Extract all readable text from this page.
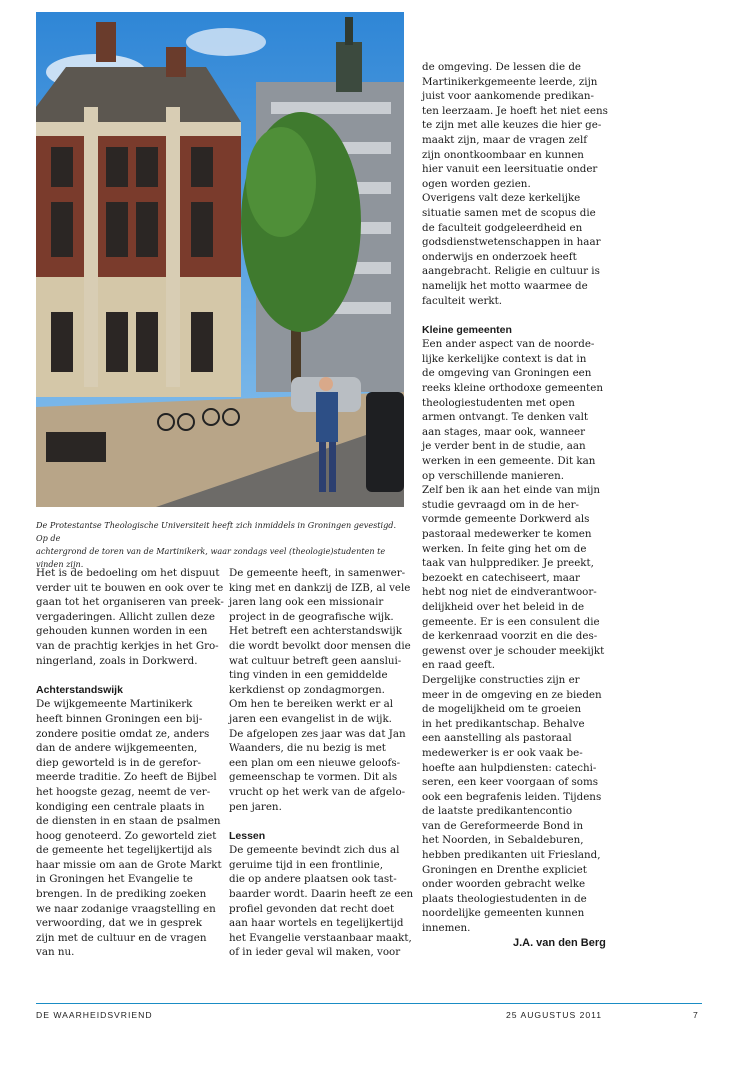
De Protestantse Theologische Universiteit heeft zich inmiddels in Groningen gevestigd. Op de
achtergrond de toren van de Martinikerk, waar zondags veel (theologie)studenten te vinden zijn.
Het is de bedoeling om het dispuut
verder uit te bouwen en ook over te
gaan tot het organiseren van preek-
vergaderingen. Allicht zullen deze
gehouden kunnen worden in een
van de prachtig kerkjes in het Gro-
ningerland, zoals in Dorkwerd.
Achterstandswijk
De wijkgemeente Martinikerk
heeft binnen Groningen een bij-
zondere positie omdat ze, anders
dan de andere wijkgemeenten,
diep geworteld is in de gerefor-
meerde traditie. Zo heeft de Bijbel
het hoogste gezag, neemt de ver-
kondiging een centrale plaats in
de diensten in en staan de psalmen
hoog genoteerd. Zo geworteld ziet
de gemeente het tegelijkertijd als
haar missie om aan de Grote Markt
in Groningen het Evangelie te
brengen. In de prediking zoeken
we naar zodanige vraagstelling en
verwoording, dat we in gesprek
zijn met de cultuur en de vragen
van nu.
De gemeente heeft, in samenwer-
king met en dankzij de IZB, al vele
jaren lang ook een missionair
project in de geografische wijk.
Het betreft een achterstandswijk
die wordt bevolkt door mensen die
wat cultuur betreft geen aanslui-
ting vinden in een gemiddelde
kerkdienst op zondagmorgen.
Om hen te bereiken werkt er al
jaren een evangelist in de wijk.
De afgelopen zes jaar was dat Jan
Waanders, die nu bezig is met
een plan om een nieuwe geloofs-
gemeenschap te vormen. Dit als
vrucht op het werk van de afgelo-
pen jaren.
Lessen
De gemeente bevindt zich dus al
geruime tijd in een frontlinie,
die op andere plaatsen ook tast-
baarder wordt. Daarin heeft ze een
profiel gevonden dat recht doet
aan haar wortels en tegelijkertijd
het Evangelie verstaanbaar maakt,
of in ieder geval wil maken, voor
de omgeving. De lessen die de
Martinikerkgemeente leerde, zijn
juist voor aankomende predikan-
ten leerzaam. Je hoeft het niet eens
te zijn met alle keuzes die hier ge-
maakt zijn, maar de vragen zelf
zijn onontkoombaar en kunnen
hier vanuit een leersituatie onder
ogen worden gezien.
Overigens valt deze kerkelijke
situatie samen met de scopus die
de faculteit godgeleerdheid en
godsdienstwetenschappen in haar
onderwijs en onderzoek heeft
aangebracht. Religie en cultuur is
namelijk het motto waarmee de
faculteit werkt.
Kleine gemeenten
Een ander aspect van de noorde-
lijke kerkelijke context is dat in
de omgeving van Groningen een
reeks kleine orthodoxe gemeenten
theologiestudenten met open
armen ontvangt. Te denken valt
aan stages, maar ook, wanneer
je verder bent in de studie, aan
werken in een gemeente. Dit kan
op verschillende manieren.
Zelf ben ik aan het einde van mijn
studie gevraagd om in de her-
vormde gemeente Dorkwerd als
pastoraal medewerker te komen
werken. In feite ging het om de
taak van hulpprediker. Je preekt,
bezoekt en catechiseert, maar
hebt nog niet de eindverantwoor-
delijkheid over het beleid in de
gemeente. Er is een consulent die
de kerkenraad voorzit en die des-
gewenst over je schouder meekijkt
en raad geeft.
Dergelijke constructies zijn er
meer in de omgeving en ze bieden
de mogelijkheid om te groeien
in het predikantschap. Behalve
een aanstelling als pastoraal
medewerker is er ook vaak be-
hoefte aan hulpdiensten: catechi-
seren, een keer voorgaan of soms
ook een begrafenis leiden. Tijdens
de laatste predikantencontio
van de Gereformeerde Bond in
het Noorden, in Sebaldeburen,
hebben predikanten uit Friesland,
Groningen en Drenthe expliciet
onder woorden gebracht welke
plaats theologiestudenten in de
noordelijke gemeenten kunnen
innemen.
J.A. van den Berg
DE WAARHEIDSVRIEND	25 AUGUSTUS 2011	7
